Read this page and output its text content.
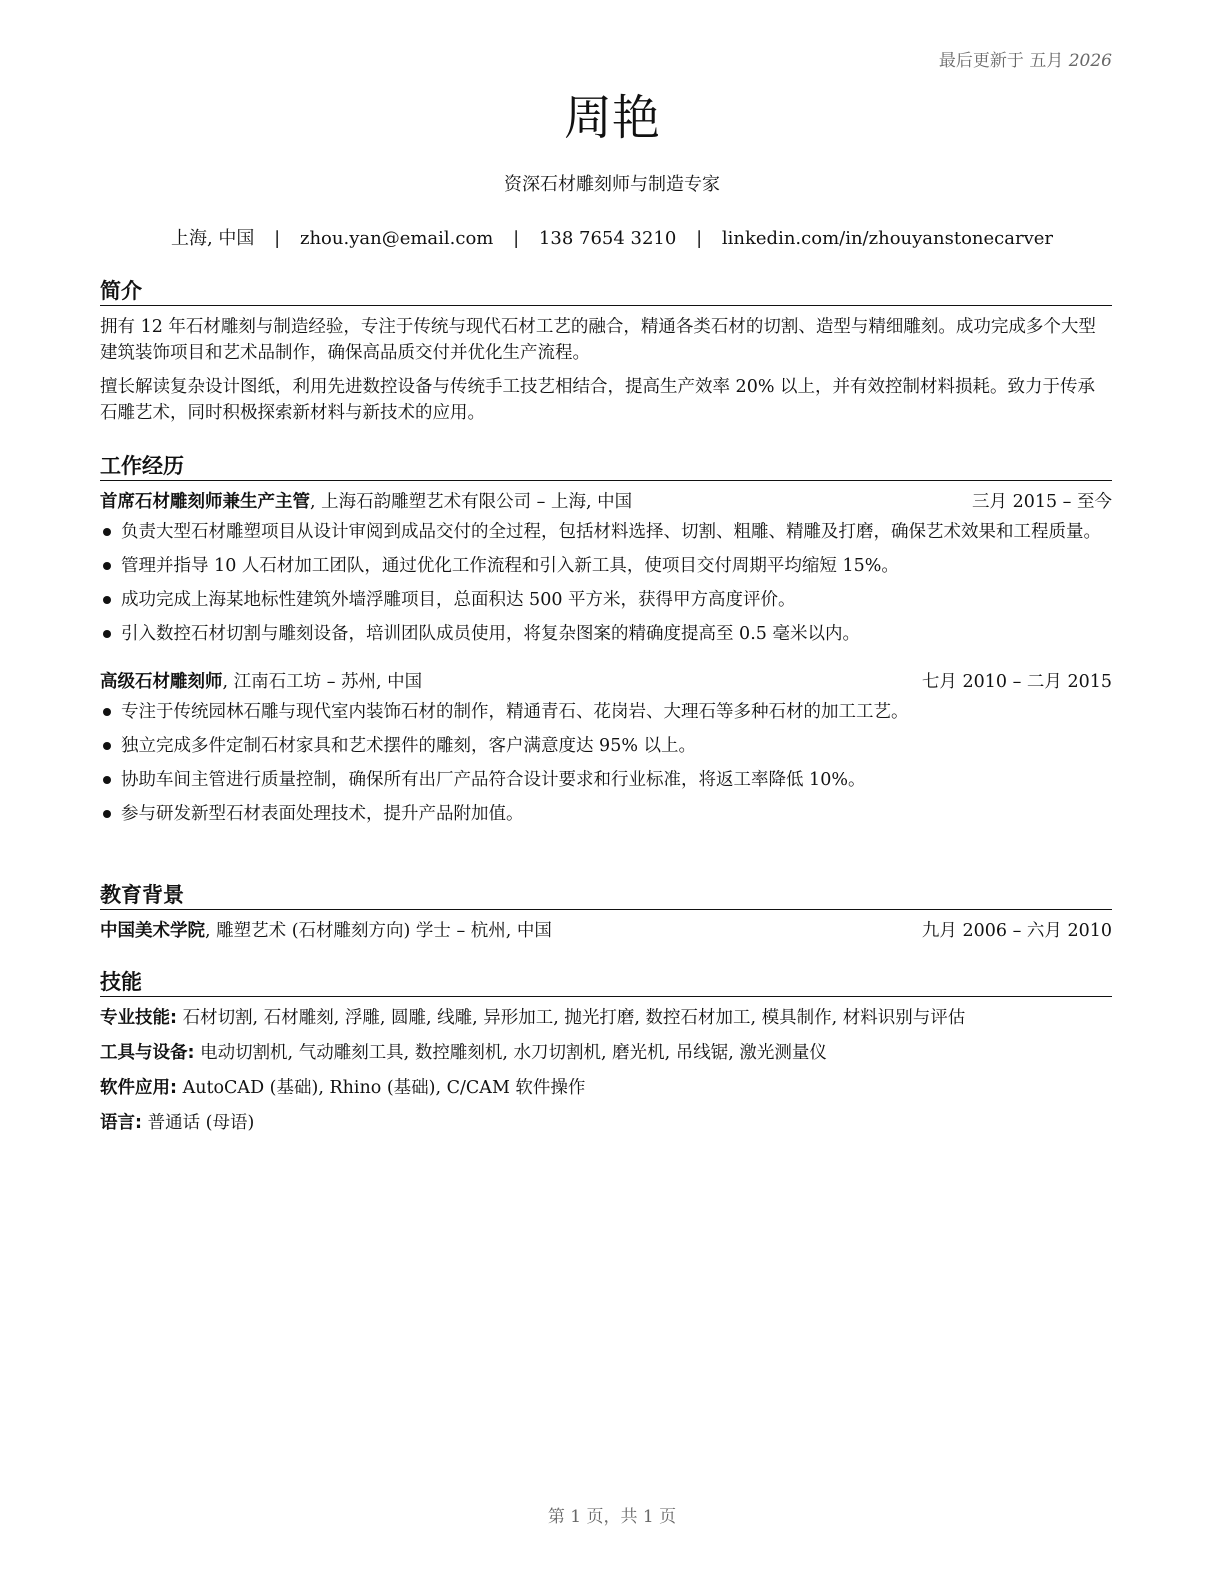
最后更新于 五月 2026
周艳
资深石材雕刻师与制造专家
上海, 中国 | zhou.yan@email.com | 138 7654 3210 | linkedin.com/in/zhouyanstonecarver
简介
拥有 12 年石材雕刻与制造经验，专注于传统与现代石材工艺的融合，精通各类石材的切割、造型与精细雕刻。成功完成多个大型建筑装饰项目和艺术品制作，确保高品质交付并优化生产流程。
擅长解读复杂设计图纸，利用先进数控设备与传统手工技艺相结合，提高生产效率 20% 以上，并有效控制材料损耗。致力于传承石雕艺术，同时积极探索新材料与新技术的应用。
工作经历
首席石材雕刻师兼生产主管, 上海石韵雕塑艺术有限公司 – 上海, 中国	三月 2015 – 至今
负责大型石材雕塑项目从设计审阅到成品交付的全过程，包括材料选择、切割、粗雕、精雕及打磨，确保艺术效果和工程质量。
管理并指导 10 人石材加工团队，通过优化工作流程和引入新工具，使项目交付周期平均缩短 15%。
成功完成上海某地标性建筑外墙浮雕项目，总面积达 500 平方米，获得甲方高度评价。
引入数控石材切割与雕刻设备，培训团队成员使用，将复杂图案的精确度提高至 0.5 毫米以内。
高级石材雕刻师, 江南石工坊 – 苏州, 中国	七月 2010 – 二月 2015
专注于传统园林石雕与现代室内装饰石材的制作，精通青石、花岗岩、大理石等多种石材的加工工艺。
独立完成多件定制石材家具和艺术摆件的雕刻，客户满意度达 95% 以上。
协助车间主管进行质量控制，确保所有出厂产品符合设计要求和行业标准，将返工率降低 10%。
参与研发新型石材表面处理技术，提升产品附加值。
教育背景
中国美术学院, 雕塑艺术 (石材雕刻方向) 学士 – 杭州, 中国	九月 2006 – 六月 2010
技能
专业技能: 石材切割, 石材雕刻, 浮雕, 圆雕, 线雕, 异形加工, 抛光打磨, 数控石材加工, 模具制作, 材料识别与评估
工具与设备: 电动切割机, 气动雕刻工具, 数控雕刻机, 水刀切割机, 磨光机, 吊线锯, 激光测量仪
软件应用: AutoCAD (基础), Rhino (基础), C/CAM 软件操作
语言: 普通话 (母语)
第 1 页，共 1 页
